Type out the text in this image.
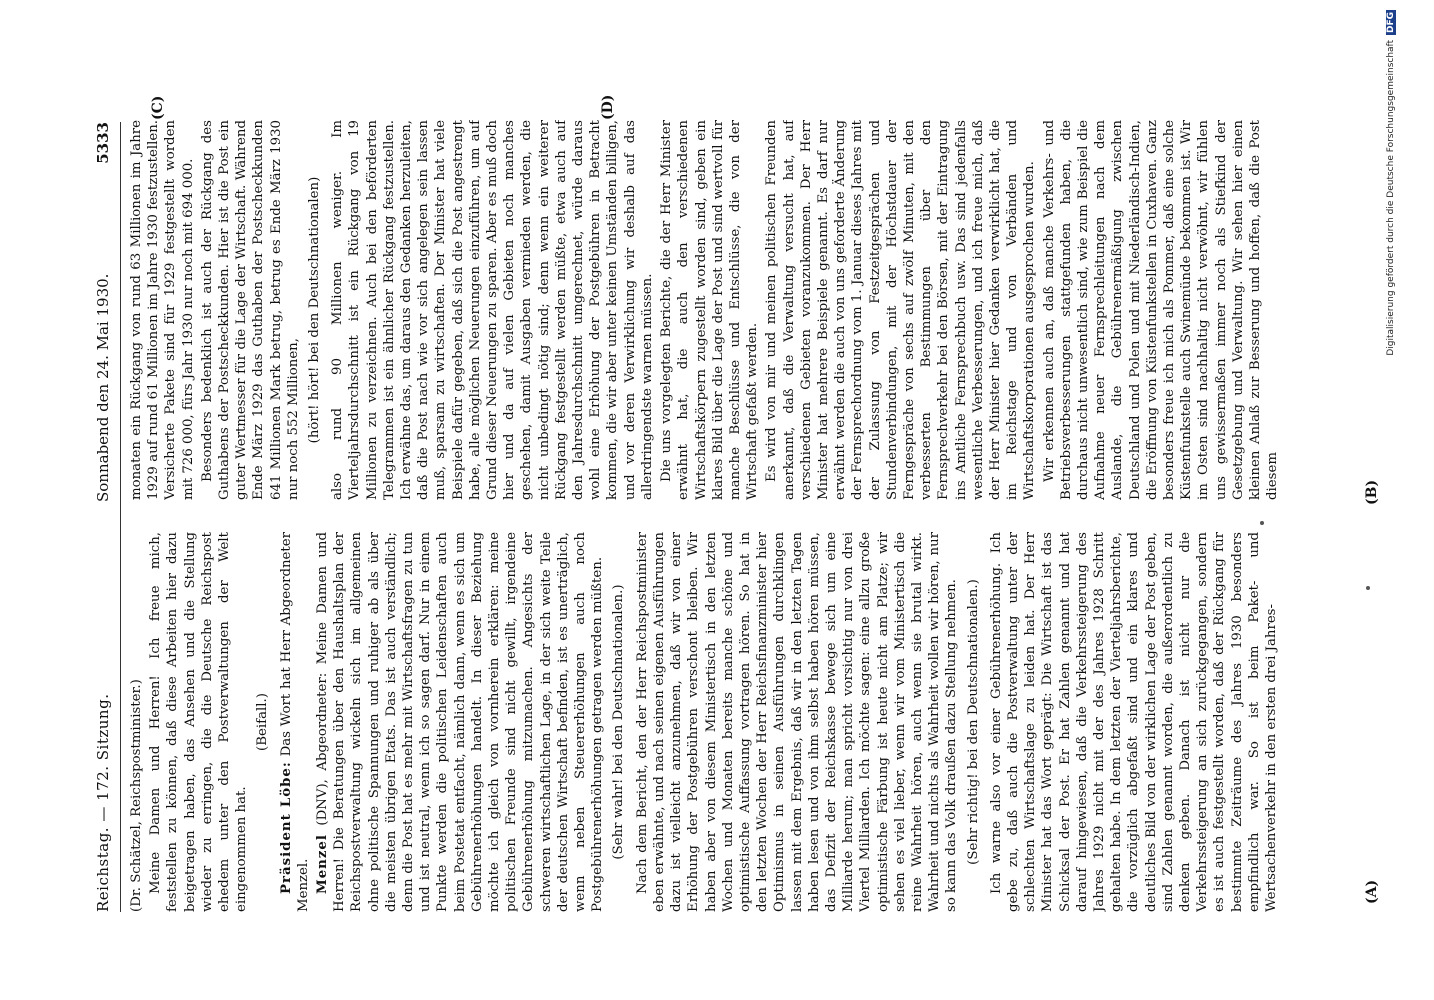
Reichstag. — 172. Sitzung.
Sonnabend den 24. Mai 1930.
5333

(Dr. Schätzel, Reichspostminister.) Meine Damen und Herren! Ich freue mich, feststellen zu können, daß diese Arbeiten hier dazu beigetragen haben, das Ansehen und die Stellung wieder zu erringen, die die Deutsche Reichspost ehedem unter den Postverwaltungen der Welt eingenommen hat.

(Beifall.)

Präsident Löbe: Das Wort hat Herr Abgeordneter Menzel. Menzel (DNV), Abgeordneter: Meine Damen und Herren! Die Beratungen über den Haushaltsplan der Reichspostverwaltung wickeln sich im allgemeinen ohne politische Spannungen und ruhiger ab als über die meisten übrigen Etats. Das ist auch verständlich; denn die Post hat es mehr mit Wirtschaftsfragen zu tun und ist neutral, wenn ich so sagen darf. Nur in einem Punkte werden die politischen Leidenschaften auch beim Postetat entfacht, nämlich dann, wenn es sich um Gebührenerhöhungen handelt. In dieser Beziehung möchte ich gleich von vornherein erklären: meine politischen Freunde sind nicht gewillt, irgendeine Gebührenerhöhung mitzumachen. Angesichts der schweren wirtschaftlichen Lage, in der sich weite Teile der deutschen Wirtschaft befinden, ist es unerträglich, wenn neben Steuererhöhungen auch noch Postgebührenerhöhungen getragen werden müßten. (Sehr wahr! bei den Deutschnationalen.) Nach dem Bericht, den der Herr Reichspostminister eben erwähnte, und nach seinen eigenen Ausführungen dazu ist vielleicht anzunehmen, daß wir von einer Erhöhung der Postgebühren verschont bleiben. Wir haben aber von diesem Ministertisch in den letzten Wochen und Monaten bereits manche schöne und optimistische Auffassung vortragen hören. So hat in den letzten Wochen der Herr Reichsfinanzminister hier Optimismus in seinen Ausführungen durchklingen lassen mit dem Ergebnis, daß wir in den letzten Tagen haben lesen und von ihm selbst haben hören müssen, das Defizit der Reichskasse bewege sich um eine Milliarde herum; man spricht vorsichtig nur von drei Viertel Milliarden. Ich möchte sagen: eine allzu große optimistische Färbung ist heute nicht am Platze; wir sehen es viel lieber, wenn wir vom Ministertisch die reine Wahrheit hören, auch wenn sie brutal wirkt. Wahrheit und nichts als Wahrheit wollen wir hören, nur so kann das Volk draußen dazu Stellung nehmen. (Sehr richtig! bei den Deutschnationalen.) Ich warne also vor einer Gebührenerhöhung. Ich gebe zu, daß auch die Postverwaltung unter der schlechten Wirtschaftslage zu leiden hat. Der Herr Minister hat das Wort geprägt: Die Wirtschaft ist das Schicksal der Post. Er hat Zahlen genannt und hat darauf hingewiesen, daß die Verkehrssteigerung des Jahres 1929 nicht mit der des Jahres 1928 Schritt gehalten habe. In dem letzten der Vierteljahrsberichte, die vorzüglich abgefaßt sind und ein klares und deutliches Bild von der wirklichen Lage der Post geben, sind Zahlen genannt worden, die außerordentlich zu denken geben. Danach ist nicht nur die Verkehrssteigerung an sich zurückgegangen, sondern es ist auch festgestellt worden, daß der Rückgang für bestimmte Zeiträume des Jahres 1930 besonders empfindlich war. So ist beim Paket- und Wertsachenverkehr in den ersten drei Jahres-

monaten ein Rückgang von rund 63 Millionen im Jahre 1929 auf rund 61 Millionen im Jahre 1930 festzustellen. Versicherte Pakete sind für 1929 festgestellt worden mit 726 000, fürs Jahr 1930 nur noch mit 694 000. Besonders bedenklich ist auch der Rückgang des Guthabens der Postscheckkunden. Hier ist die Post ein guter Wertmesser für die Lage der Wirtschaft. Während Ende März 1929 das Guthaben der Postscheckkunden 641 Millionen Mark betrug, betrug es Ende März 1930 nur noch 552 Millionen, (hört! hört! bei den Deutschnationalen) also rund 90 Millionen weniger. Im Vierteljahrsdurchschnitt ist ein Rückgang von 19 Millionen zu verzeichnen. Auch bei den beförderten Telegrammen ist ein ähnlicher Rückgang festzustellen. Ich erwähne das, um daraus den Gedanken herzuleiten, daß die Post nach wie vor sich angelegen sein lassen muß, sparsam zu wirtschaften. Der Minister hat viele Beispiele dafür gegeben, daß sich die Post angestrengt habe, alle möglichen Neuerungen einzuführen, um auf Grund dieser Neuerungen zu sparen. Aber es muß doch hier und da auf vielen Gebieten noch manches geschehen, damit Ausgaben vermieden werden, die nicht unbedingt nötig sind; denn wenn ein weiterer Rückgang festgestellt werden müßte, etwa auch auf den Jahresdurchschnitt umgerechnet, würde daraus wohl eine Erhöhung der Postgebühren in Betracht kommen, die wir aber unter keinen Umständen billigen, und vor deren Verwirklichung wir deshalb auf das allerdringendste warnen müssen. Die uns vorgelegten Berichte, die der Herr Minister erwähnt hat, die auch den verschiedenen Wirtschaftskörpern zugestellt worden sind, geben ein klares Bild über die Lage der Post und sind wertvoll für manche Beschlüsse und Entschlüsse, die von der Wirtschaft gefaßt werden. Es wird von mir und meinen politischen Freunden anerkannt, daß die Verwaltung versucht hat, auf verschiedenen Gebieten voranzukommen. Der Herr Minister hat mehrere Beispiele genannt. Es darf nur erwähnt werden die auch von uns geforderte Änderung der Fernsprechordnung vom 1. Januar dieses Jahres mit der Zulassung von Festzeitgesprächen und Stundenverbindungen, mit der Höchstdauer der Ferngespräche von sechs auf zwölf Minuten, mit den verbesserten Bestimmungen über den Fernsprechverkehr bei den Börsen, mit der Eintragung ins Amtliche Fernsprechbuch usw. Das sind jedenfalls wesentliche Verbesserungen, und ich freue mich, daß der Herr Minister hier Gedanken verwirklicht hat, die im Reichstage und von Verbänden und Wirtschaftskorporationen ausgesprochen wurden. Wir erkennen auch an, daß manche Verkehrs- und Betriebsverbesserungen stattgefunden haben, die durchaus nicht unwesentlich sind, wie zum Beispiel die Aufnahme neuer Fernsprechleitungen nach dem Auslande, die Gebührenermäßigung zwischen Deutschland und Polen und mit Niederländisch-Indien, die Eröffnung von Küstenfunkstellen in Cuxhaven. Ganz besonders freue ich mich als Pommer, daß eine solche Küstenfunkstelle auch Swinemünde bekommen ist. Wir im Osten sind nachhaltig nicht verwöhnt, wir fühlen uns gewissermaßen immer noch als Stiefkind der Gesetzgebung und Verwaltung. Wir sehen hier einen kleinen Anlaß zur Besserung und hoffen, daß die Post diesem

(A)
(B)
(C)	(D)	Digitalisierung gefördert durch die Deutsche Forschungsgemeinschaft DFG
